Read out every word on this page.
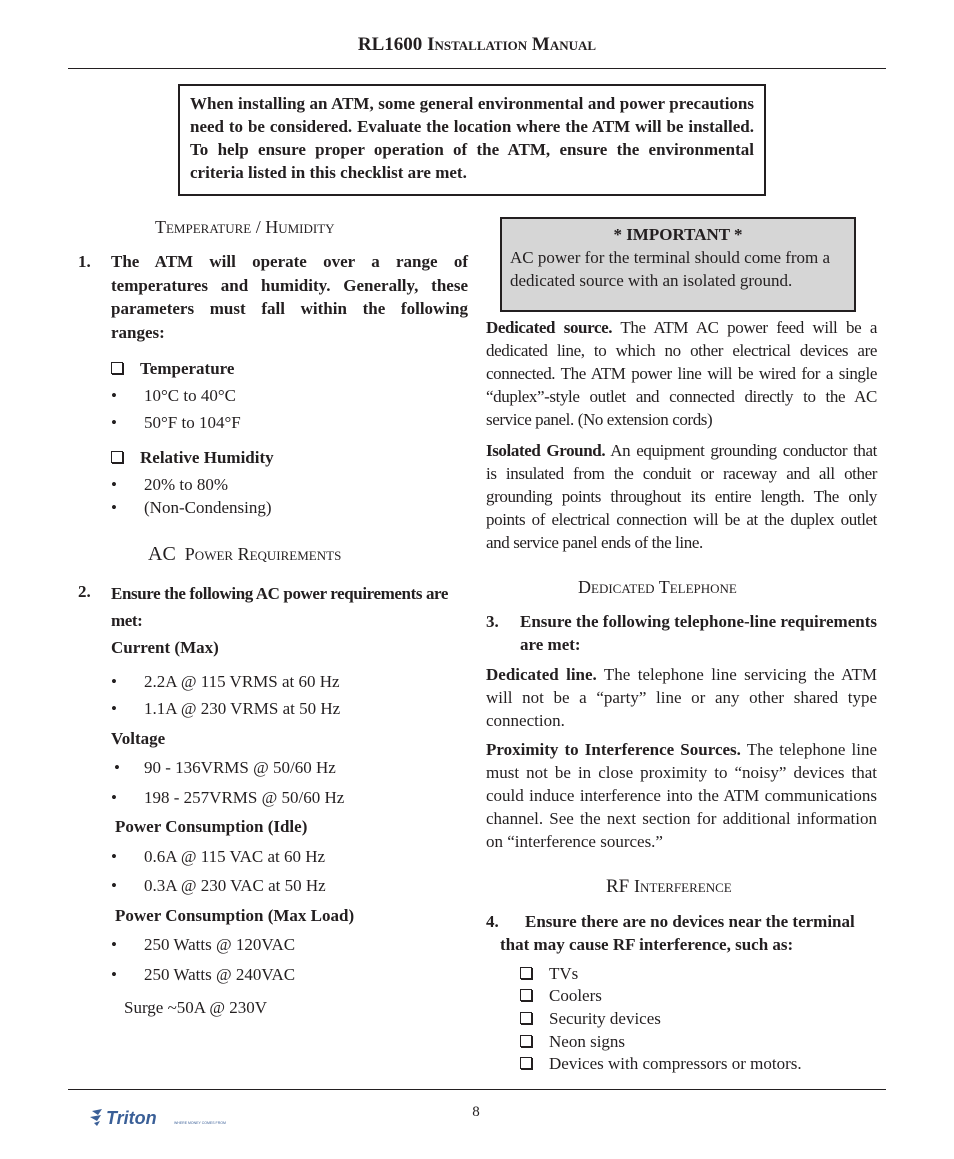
RL1600 Installation Manual
When installing an ATM, some general environmental and power precautions need to be considered. Evaluate the location where the ATM will be installed. To help ensure proper operation of the ATM, ensure the environmental criteria listed in this checklist are met.
Temperature / Humidity
1. The ATM will operate over a range of temperatures and humidity. Generally, these parameters must fall within the following ranges:
Temperature
• 10°C to 40°C
• 50°F to 104°F
Relative Humidity
• 20% to 80%
• (Non-Condensing)
AC Power Requirements
2. Ensure the following AC power requirements are met:
Current (Max)
• 2.2A @ 115 VRMS at 60 Hz
• 1.1A @ 230 VRMS at 50 Hz
Voltage
• 90 - 136VRMS @ 50/60 Hz
• 198 - 257VRMS @ 50/60 Hz
Power Consumption (Idle)
• 0.6A @ 115 VAC at 60 Hz
• 0.3A @ 230 VAC at 50 Hz
Power Consumption (Max Load)
• 250 Watts @ 120VAC
• 250 Watts @ 240VAC
Surge ~50A @ 230V
* IMPORTANT *
AC power for the terminal should come from a dedicated source with an isolated ground.
Dedicated source. The ATM AC power feed will be a dedicated line, to which no other electrical devices are connected. The ATM power line will be wired for a single “duplex”-style outlet and connected directly to the AC service panel. (No extension cords)
Isolated Ground. An equipment grounding conductor that is insulated from the conduit or raceway and all other grounding points throughout its entire length. The only points of electrical connection will be at the duplex outlet and service panel ends of the line.
Dedicated Telephone
3. Ensure the following telephone-line requirements are met:
Dedicated line. The telephone line servicing the ATM will not be a “party” line or any other shared type connection.
Proximity to Interference Sources. The telephone line must not be in close proximity to “noisy” devices that could induce interference into the ATM communications channel. See the next section for additional information on “interference sources.”
RF Interference
4.	Ensure there are no devices near the terminal that may cause RF interference, such as:
TVs
Coolers
Security devices
Neon signs
Devices with compressors or motors.
8
Triton	WHERE MONEY COMES FROM
